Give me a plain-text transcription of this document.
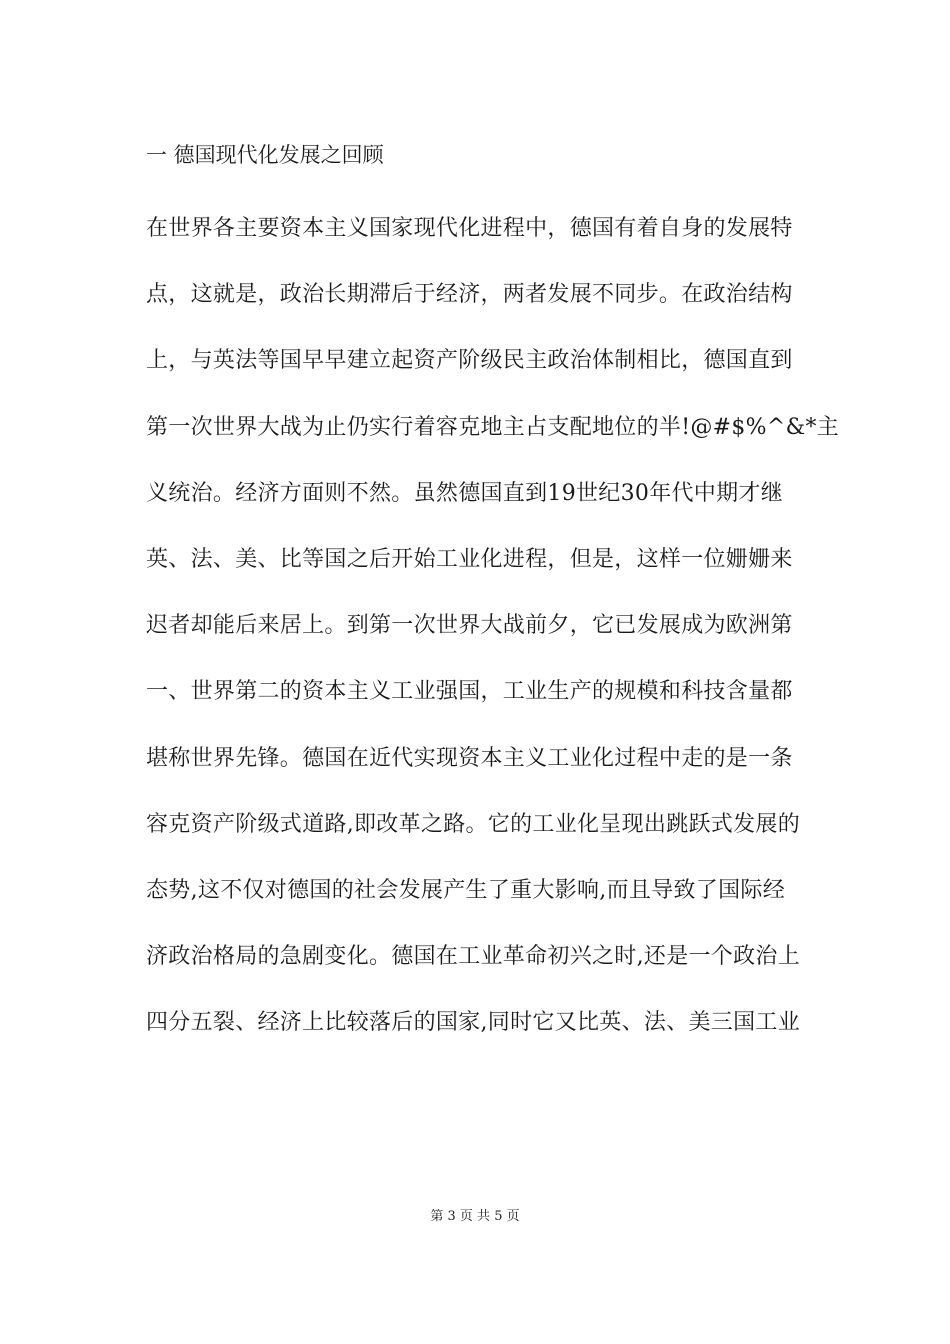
一 德国现代化发展之回顾
在世界各主要资本主义国家现代化进程中，德国有着自身的发展特
点，这就是，政治长期滞后于经济，两者发展不同步。在政治结构
上，与英法等国早早建立起资产阶级民主政治体制相比，德国直到
第一次世界大战为止仍实行着容克地主占支配地位的半!@#$%^&*主
义统治。经济方面则不然。虽然德国直到19世纪30年代中期才继
英、法、美、比等国之后开始工业化进程，但是，这样一位姗姗来
迟者却能后来居上。到第一次世界大战前夕，它已发展成为欧洲第
一、世界第二的资本主义工业强国，工业生产的规模和科技含量都
堪称世界先锋。德国在近代实现资本主义工业化过程中走的是一条
容克资产阶级式道路,即改革之路。它的工业化呈现出跳跃式发展的
态势,这不仅对德国的社会发展产生了重大影响,而且导致了国际经
济政治格局的急剧变化。德国在工业革命初兴之时,还是一个政治上
四分五裂、经济上比较落后的国家,同时它又比英、法、美三国工业
第 3 页 共 5 页
